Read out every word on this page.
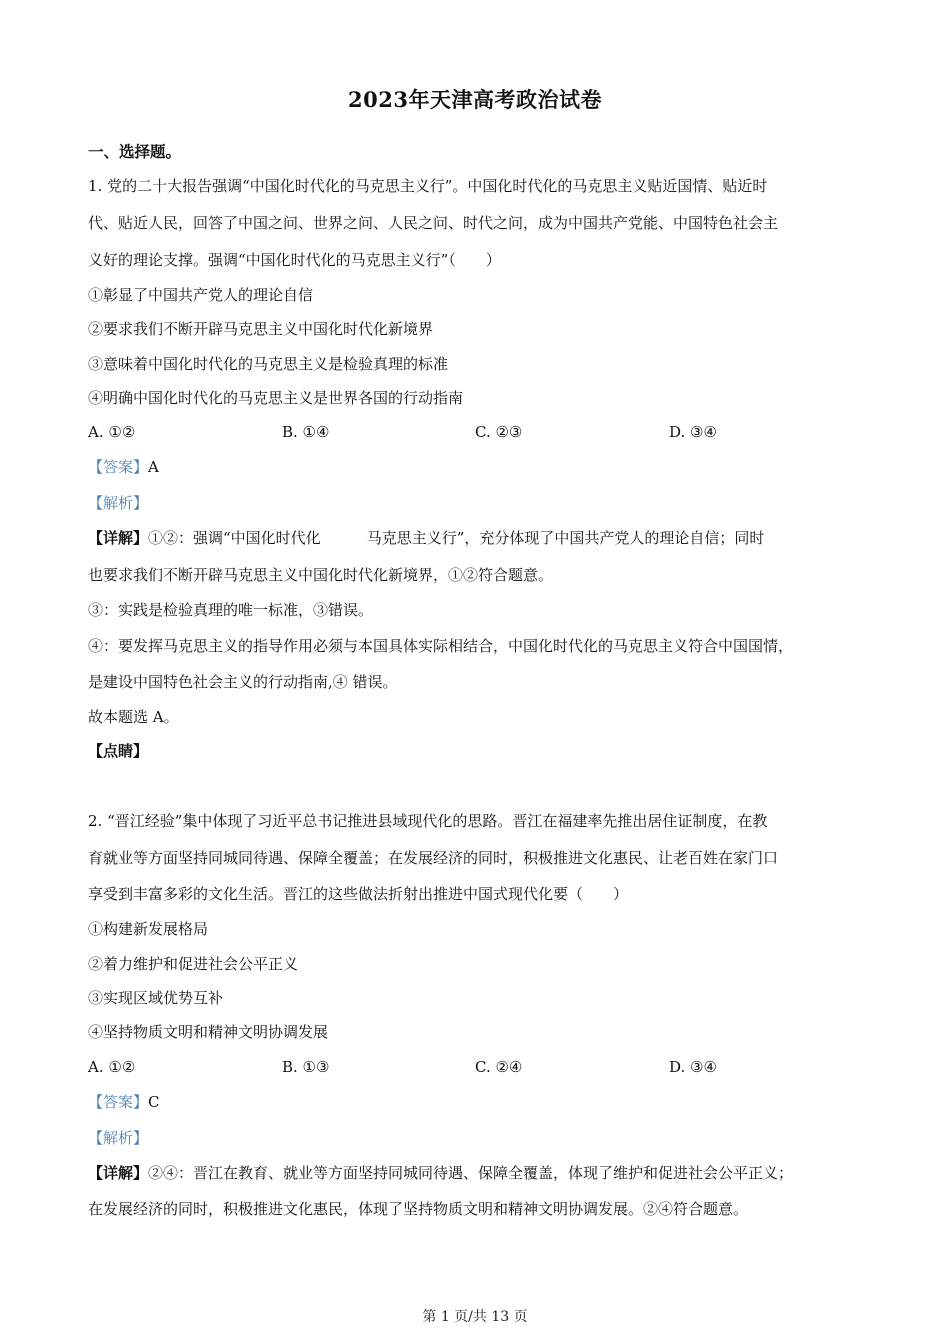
2023年天津高考政治试卷
一、选择题。
1. 党的二十大报告强调“中国化时代化的马克思主义行”。中国化时代化的马克思主义贴近国情、贴近时
代、贴近人民，回答了中国之问、世界之问、人民之问、时代之问，成为中国共产党能、中国特色社会主
义好的理论支撑。强调“中国化时代化的马克思主义行”（　　）
①彰显了中国共产党人的理论自信
②要求我们不断开辟马克思主义中国化时代化新境界
③意味着中国化时代化的马克思主义是检验真理的标准
④明确中国化时代化的马克思主义是世界各国的行动指南
A. ①②	B. ①④	C. ②③	D. ③④
【答案】A
【解析】
【详解】①②：强调“中国化时代化	马克思主义行”，充分体现了中国共产党人的理论自信；同时
也要求我们不断开辟马克思主义中国化时代化新境界，①②符合题意。
③：实践是检验真理的唯一标准，③错误。
④：要发挥马克思主义的指导作用必须与本国具体实际相结合，中国化时代化的马克思主义符合中国国情，
是建设中国特色社会主义的行动指南,④ 错误。
故本题选 A。
【点睛】
2. “晋江经验”集中体现了习近平总书记推进县域现代化的思路。晋江在福建率先推出居住证制度，在教
育就业等方面坚持同城同待遇、保障全覆盖；在发展经济的同时，积极推进文化惠民、让老百姓在家门口
享受到丰富多彩的文化生活。晋江的这些做法折射出推进中国式现代化要（　　）
①构建新发展格局
②着力维护和促进社会公平正义
③实现区域优势互补
④坚持物质文明和精神文明协调发展
A. ①②	B. ①③	C. ②④	D. ③④
【答案】C
【解析】
【详解】②④：晋江在教育、就业等方面坚持同城同待遇、保障全覆盖，体现了维护和促进社会公平正义；
在发展经济的同时，积极推进文化惠民，体现了坚持物质文明和精神文明协调发展。②④符合题意。
第 1 页/共 13 页
